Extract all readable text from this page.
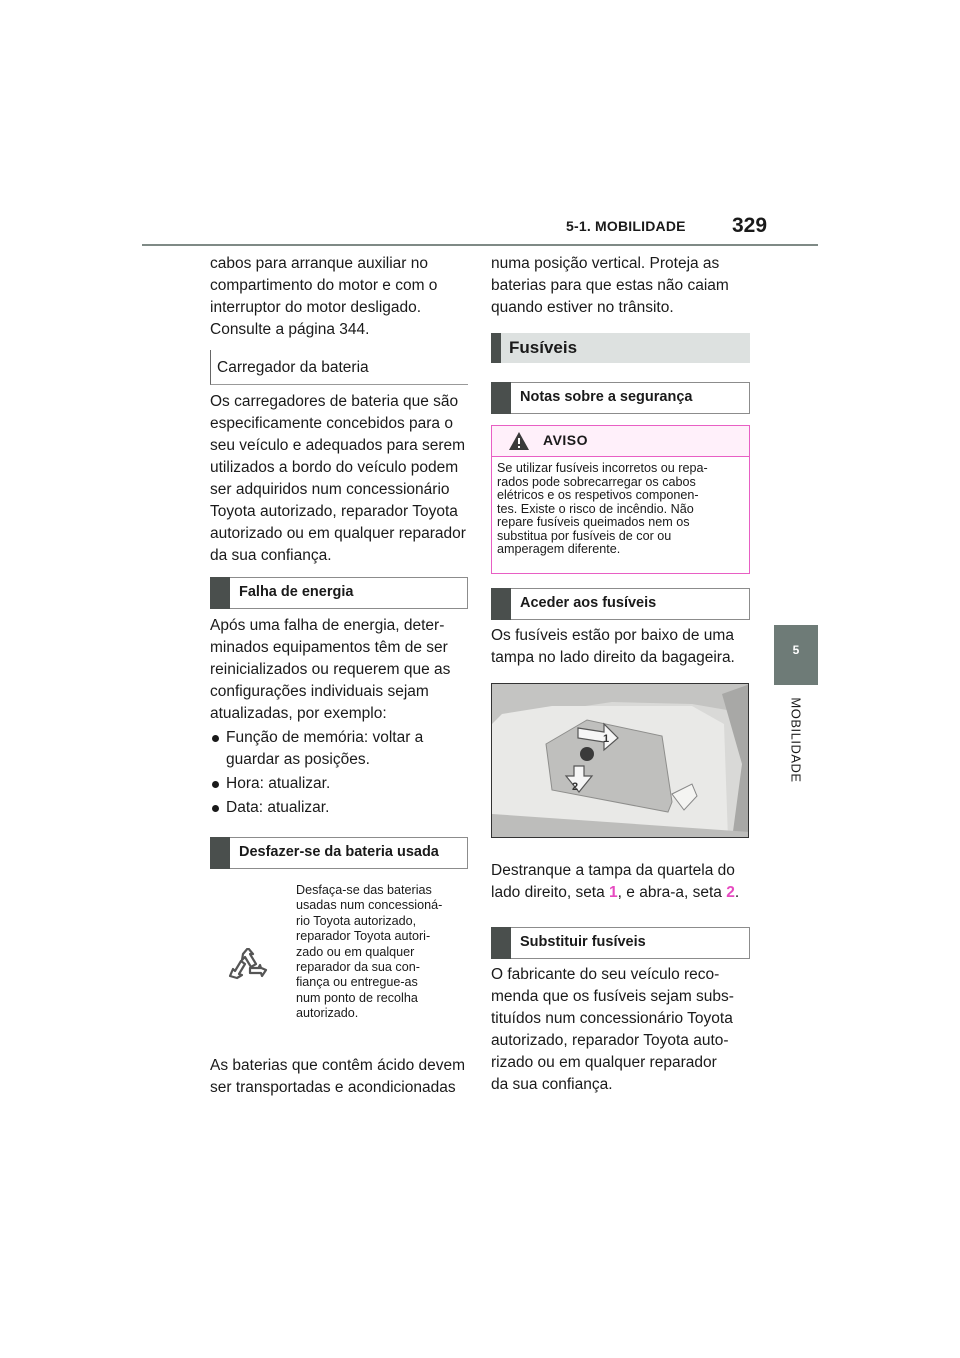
5-1. MOBILIDADE 329
5
MOBILIDADE

cabos para arranque auxiliar no

compartimento do motor e com o

interruptor do motor desligado.

Consulte a página 344.

Carregador da bateria

Os carregadores de bateria que são

especificamente concebidos para o

seu veículo e adequados para serem

utilizados a bordo do veículo podem

ser adquiridos num concessionário

Toyota autorizado, reparador Toyota

autorizado ou em qualquer reparador

da sua confiança.

Falha de energia

Após uma falha de energia, deter-

minados equipamentos têm de ser

reinicializados ou requerem que as

configurações individuais sejam

atualizadas, por exemplo:

Função de memória: voltar a
guardar as posições.
Hora: atualizar.
Data: atualizar.
Desfazer-se da bateria usada
Desfaça-se das baterias
usadas num concessioná-
rio Toyota autorizado,
reparador Toyota autori-
zado ou em qualquer
reparador da sua con-
fiança ou entregue-as
num ponto de recolha
autorizado.

As baterias que contêm ácido devem

ser transportadas e acondicionadas

numa posição vertical. Proteja as

baterias para que estas não caiam

quando estiver no trânsito.

Fusíveis
Notas sobre a segurança
AVISO
Se utilizar fusíveis incorretos ou repa-
rados pode sobrecarregar os cabos
elétricos e os respetivos componen-
tes. Existe o risco de incêndio. Não
repare fusíveis queimados nem os
substitua por fusíveis de cor ou
amperagem diferente.
Aceder aos fusíveis

Os fusíveis estão por baixo de uma

tampa no lado direito da bagageira.

1
2

Destranque a tampa da quartela do

lado direito, seta 1, e abra-a, seta 2.

Substituir fusíveis

O fabricante do seu veículo reco-

menda que os fusíveis sejam subs-

tituídos num concessionário Toyota

autorizado, reparador Toyota auto-

rizado ou em qualquer reparador

da sua confiança.
